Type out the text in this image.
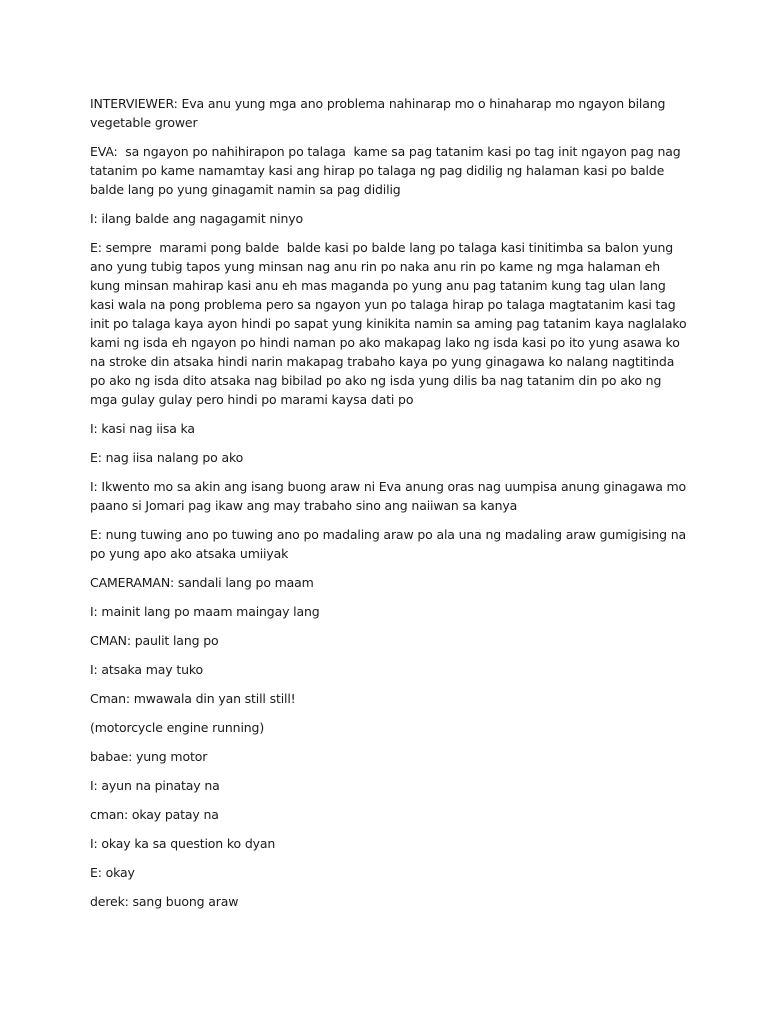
INTERVIEWER: Eva anu yung mga ano problema nahinarap mo o hinaharap mo ngayon bilang vegetable grower

EVA:  sa ngayon po nahihirapon po talaga  kame sa pag tatanim kasi po tag init ngayon pag nag tatanim po kame namamtay kasi ang hirap po talaga ng pag didilig ng halaman kasi po balde balde lang po yung ginagamit namin sa pag didilig

I: ilang balde ang nagagamit ninyo

E: sempre  marami pong balde  balde kasi po balde lang po talaga kasi tinitimba sa balon yung ano yung tubig tapos yung minsan nag anu rin po naka anu rin po kame ng mga halaman eh kung minsan mahirap kasi anu eh mas maganda po yung anu pag tatanim kung tag ulan lang kasi wala na pong problema pero sa ngayon yun po talaga hirap po talaga magtatanim kasi tag init po talaga kaya ayon hindi po sapat yung kinikita namin sa aming pag tatanim kaya naglalako kami ng isda eh ngayon po hindi naman po ako makapag lako ng isda kasi po ito yung asawa ko na stroke din atsaka hindi narin makapag trabaho kaya po yung ginagawa ko nalang nagtitinda po ako ng isda dito atsaka nag bibilad po ako ng isda yung dilis ba nag tatanim din po ako ng mga gulay gulay pero hindi po marami kaysa dati po

I: kasi nag iisa ka

E: nag iisa nalang po ako

I: Ikwento mo sa akin ang isang buong araw ni Eva anung oras nag uumpisa anung ginagawa mo paano si Jomari pag ikaw ang may trabaho sino ang naiiwan sa kanya

E: nung tuwing ano po tuwing ano po madaling araw po ala una ng madaling araw gumigising na po yung apo ako atsaka umiiyak

CAMERAMAN: sandali lang po maam

I: mainit lang po maam maingay lang

CMAN: paulit lang po

I: atsaka may tuko

Cman: mwawala din yan still still!

(motorcycle engine running)

babae: yung motor

I: ayun na pinatay na

cman: okay patay na

I: okay ka sa question ko dyan

E: okay

derek: sang buong araw
